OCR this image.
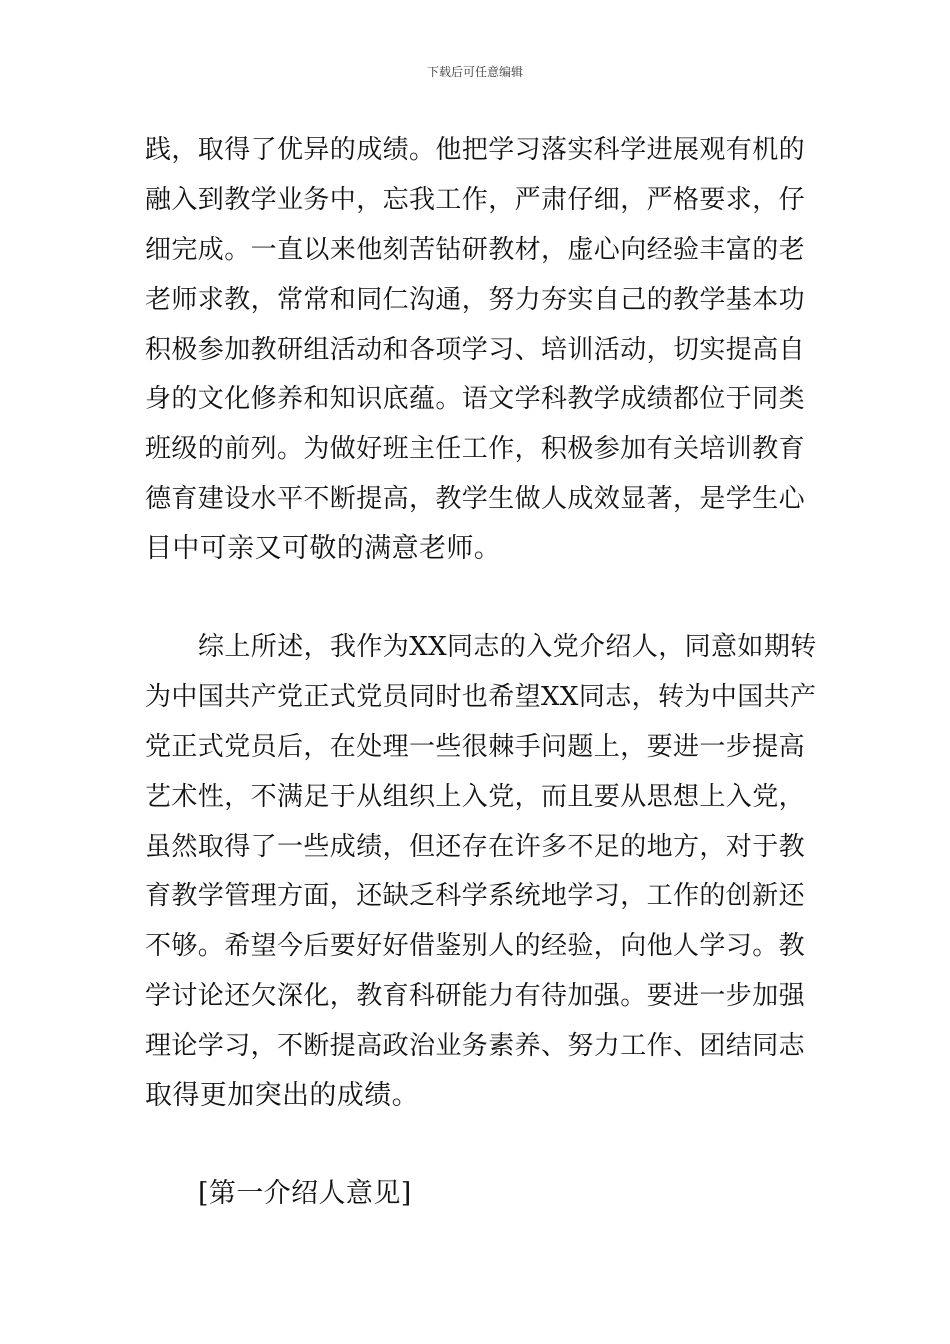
下载后可任意编辑
践，取得了优异的成绩。他把学习落实科学进展观有机的
融入到教学业务中，忘我工作，严肃仔细，严格要求，仔
细完成。一直以来他刻苦钻研教材，虚心向经验丰富的老
老师求教，常常和同仁沟通，努力夯实自己的教学基本功
积极参加教研组活动和各项学习、培训活动，切实提高自
身的文化修养和知识底蕴。语文学科教学成绩都位于同类
班级的前列。为做好班主任工作，积极参加有关培训教育
德育建设水平不断提高，教学生做人成效显著，是学生心
目中可亲又可敬的满意老师。
综上所述，我作为XX同志的入党介绍人，同意如期转
为中国共产党正式党员同时也希望XX同志，转为中国共产
党正式党员后，在处理一些很棘手问题上，要进一步提高
艺术性，不满足于从组织上入党，而且要从思想上入党，
虽然取得了一些成绩，但还存在许多不足的地方，对于教
育教学管理方面，还缺乏科学系统地学习，工作的创新还
不够。希望今后要好好借鉴别人的经验，向他人学习。教
学讨论还欠深化，教育科研能力有待加强。要进一步加强
理论学习，不断提高政治业务素养、努力工作、团结同志
取得更加突出的成绩。
[第一介绍人意见]
